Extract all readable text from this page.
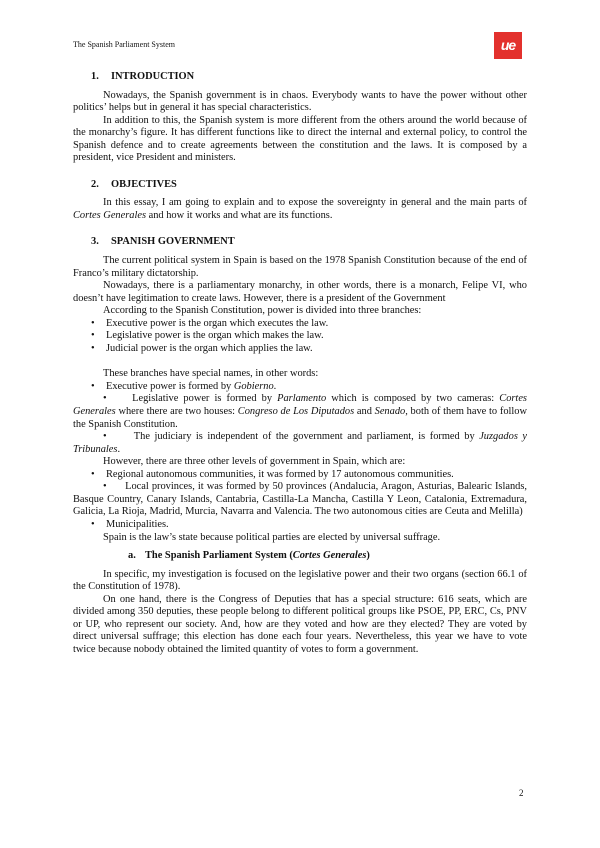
The Spanish Parliament System	ue

1. INTRODUCTION

Nowadays, the Spanish government is in chaos. Everybody wants to have the power without other politics’ helps but in general it has special characteristics.

In addition to this, the Spanish system is more different from the others around the world because of the monarchy’s figure. It has different functions like to direct the internal and external policy, to control the Spanish defence and to create agreements between the constitution and the laws. It is composed by a president, vice President and ministers.

2. OBJECTIVES

In this essay, I am going to explain and to expose the sovereignty in general and the main parts of Cortes Generales and how it works and what are its functions.

3. SPANISH GOVERNMENT

The current political system in Spain is based on the 1978 Spanish Constitution because of the end of Franco’s military dictatorship.

Nowadays, there is a parliamentary monarchy, in other words, there is a monarch, Felipe VI, who doesn’t have legitimation to create laws. However, there is a president of the Government

According to the Spanish Constitution, power is divided into three branches:

• Executive power is the organ which executes the law.

• Legislative power is the organ which makes the law.

• Judicial power is the organ which applies the law.

These branches have special names, in other words:

• Executive power is formed by Gobierno.

• Legislative power is formed by Parlamento which is composed by two cameras: Cortes Generales where there are two houses: Congreso de Los Diputados and Senado, both of them have to follow the Spanish Constitution.

•	The judiciary is independent of the government and parliament, is formed by Juzgados y Tribunales.

However, there are three other levels of government in Spain, which are:

• Regional autonomous communities, it was formed by 17 autonomous communities.

• Local provinces, it was formed by 50 provinces (Andalucia, Aragon, Asturias, Balearic Islands, Basque Country, Canary Islands, Cantabria, Castilla-La Mancha, Castilla Y Leon, Catalonia, Extremadura, Galicia, La Rioja, Madrid, Murcia, Navarra and Valencia. The two autonomous cities are Ceuta and Melilla)

• Municipalities.

Spain is the law’s state because political parties are elected by universal suffrage.

a. The Spanish Parliament System (Cortes Generales)

In specific, my investigation is focused on the legislative power and their two organs (section 66.1 of the Constitution of 1978).

On one hand, there is the Congress of Deputies that has a special structure: 616 seats, which are divided among 350 deputies, these people belong to different political groups like PSOE, PP, ERC, Cs, PNV or UP, who represent our society. And, how are they voted and how are they elected? They are voted by direct universal suffrage; this election has done each four years. Nevertheless, this year we have to vote twice because nobody obtained the limited quantity of votes to form a government.

2
